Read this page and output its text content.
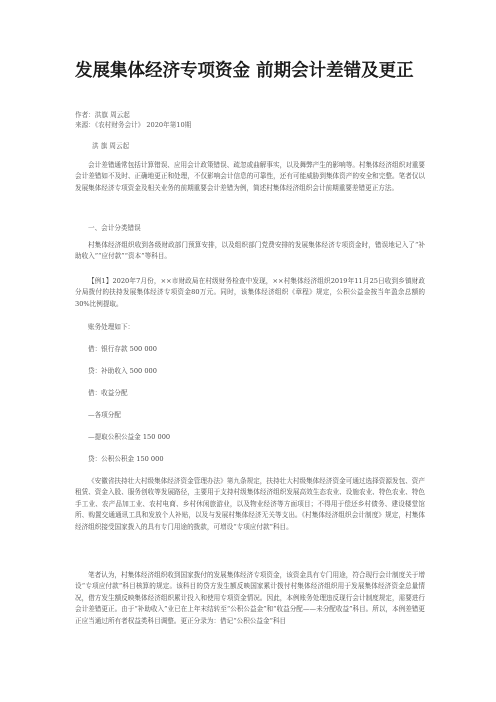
发展集体经济专项资金 前期会计差错及更正
作者：洪旗 周云起
来源：《农村财务会计》 2020年第10期
洪 旗 周云起

会计差错通常包括计算错误、应用会计政策错误、疏忽或曲解事实，以及舞弊产生的影响等。村集体经济组织对重要会计差错如不及时、正确地更正和处理，不仅影响会计信息的可靠性，还有可能威胁到集体资产的安全和完整。笔者仅以发展集体经济专项资金及相关业务的前期重要会计差错为例，简述村集体经济组织会计前期重要差错更正方法。

一、会计分类错误

村集体经济组织收到各级财政部门预算安排，以及组织部门党费安排的发展集体经济专项资金时，错误地记入了“补助收入”“应付款”“资本”等科目。

【例1】2020年7月份，××市财政局在村级财务检查中发现，××村集体经济组织2019年11月25日收到乡镇财政分局拨付的扶持发展集体经济专项资金80万元。同时，该集体经济组织《章程》规定，公积公益金按当年盈余总额的30%比例提取。

账务处理如下：
借：银行存款 500 000
贷：补助收入 500 000
借：收益分配
—各项分配
—提取公积公益金 150 000
贷：公积公积金 150 000

《安徽省扶持壮大村级集体经济资金管理办法》第九条规定，扶持壮大村级集体经济资金可通过选择资源发包、资产租赁、资金入股、服务创收等发展路径，主要用于支持村级集体经济组织发展高效生态农业、设施农业、特色农业、特色手工业、农产品加工业、农村电商、乡村休闲旅游业，以及物业经济等方面项目；不得用于偿还乡村债务、建设楼堂馆所、购置交通通讯工具和发放个人补贴，以及与发展村集体经济无关等支出。《村集体经济组织会计制度》规定，村集体经济组织接受国家拨入的具有专门用途的拨款，可增设“专项应付款”科目。

笔者认为，村集体经济组织收到国家拨付的发展集体经济专项资金，该资金具有专门用途，符合现行会计制度关于增设“专项应付款”科目核算的规定。该科目的贷方发生额反映国家累计拨付村集体经济组织用于发展集体经济资金总量情况，借方发生额反映集体经济组织累计投入和使用专项资金情况。因此，本例账务处理违反现行会计制度规定，需要进行会计差错更正。由于“补助收入”业已在上年末结转至“公积公益金”和“收益分配——未分配收益”科目。所以，本例差错更正应当通过所有者权益类科目调整。更正分录为：借记“公积公益金”科目
